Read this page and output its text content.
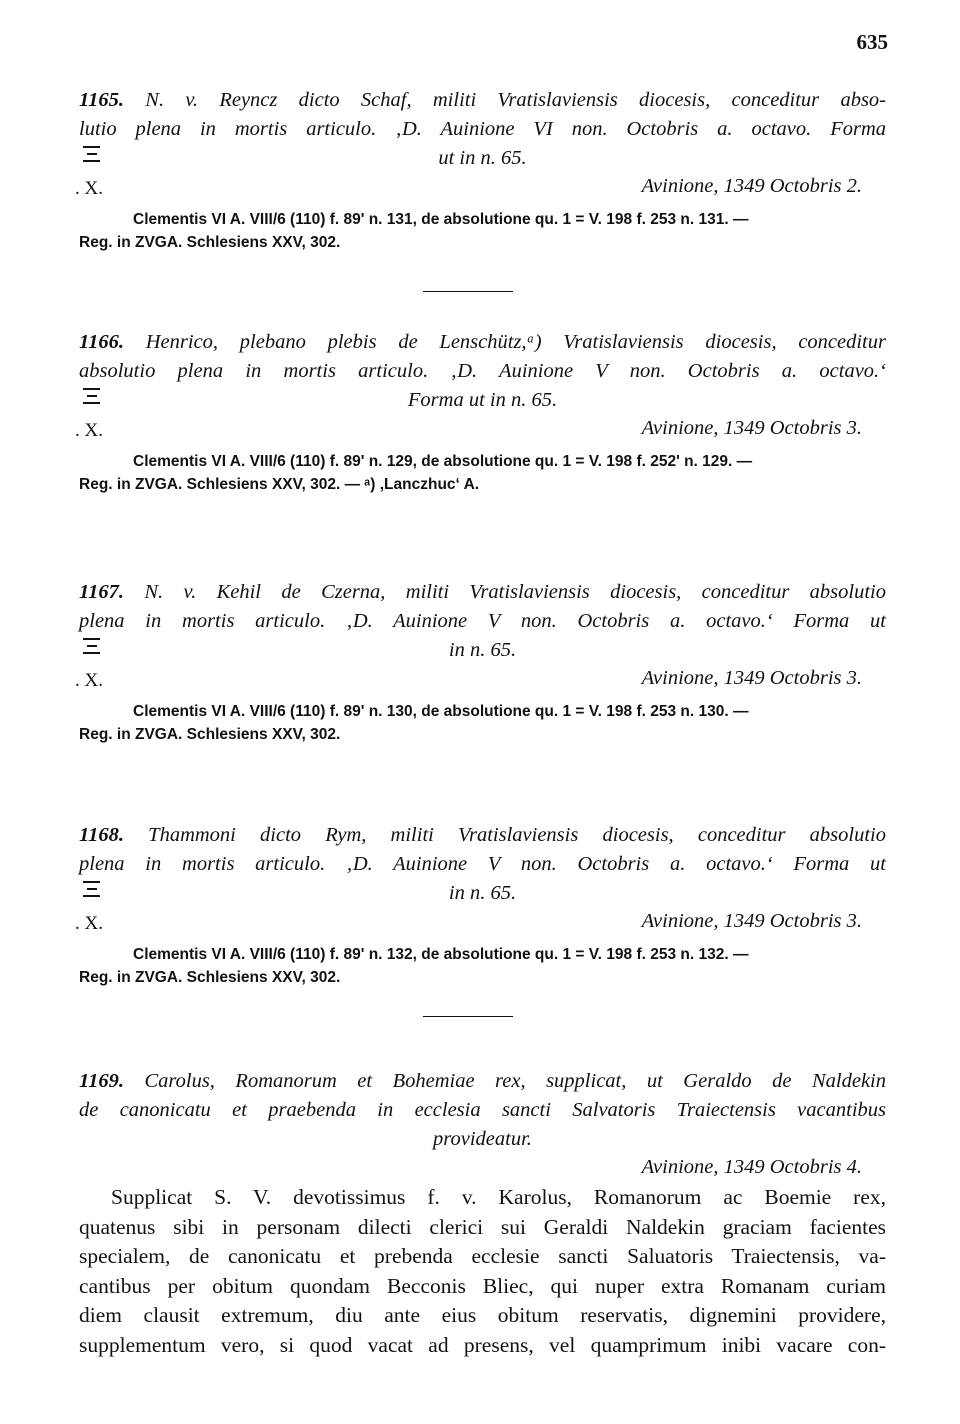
635

1165. N. v. Reyncz dicto Schaf, militi Vratislaviensis diocesis, conceditur abso-
lutio plena in mortis articulo. ‚D. Auinione VI non. Octobris a. octavo. Forma

. X.
ut in n. 65.
Avinione, 1349 Octobris 2.

Clementis VI A. VIII/6 (110) f. 89' n. 131, de absolutione qu. 1 = V. 198 f. 253 n. 131. —
Reg. in ZVGA. Schlesiens XXV, 302.

1166. Henrico, plebano plebis de Lenschütz,ᵃ) Vratislaviensis diocesis, conceditur
absolutio plena in mortis articulo. ‚D. Auinione V non. Octobris a. octavo.‘

. X.
Forma ut in n. 65.
Avinione, 1349 Octobris 3.

Clementis VI A. VIII/6 (110) f. 89' n. 129, de absolutione qu. 1 = V. 198 f. 252' n. 129. —
Reg. in ZVGA. Schlesiens XXV, 302. — ᵃ) ‚Lanczhuc‘ A.

1167. N. v. Kehil de Czerna, militi Vratislaviensis diocesis, conceditur absolutio
plena in mortis articulo. ‚D. Auinione V non. Octobris a. octavo.‘ Forma ut

. X.
in n. 65.
Avinione, 1349 Octobris 3.

Clementis VI A. VIII/6 (110) f. 89' n. 130, de absolutione qu. 1 = V. 198 f. 253 n. 130. —
Reg. in ZVGA. Schlesiens XXV, 302.

1168. Thammoni dicto Rym, militi Vratislaviensis diocesis, conceditur absolutio
plena in mortis articulo. ‚D. Auinione V non. Octobris a. octavo.‘ Forma ut

. X.
in n. 65.
Avinione, 1349 Octobris 3.

Clementis VI A. VIII/6 (110) f. 89' n. 132, de absolutione qu. 1 = V. 198 f. 253 n. 132. —
Reg. in ZVGA. Schlesiens XXV, 302.

1169. Carolus, Romanorum et Bohemiae rex, supplicat, ut Geraldo de Naldekin
de canonicatu et praebenda in ecclesia sancti Salvatoris Traiectensis vacantibus

provideatur.
Avinione, 1349 Octobris 4.

Supplicat S. V. devotissimus f. v. Karolus, Romanorum ac Boemie rex,
quatenus sibi in personam dilecti clerici sui Geraldi Naldekin graciam facientes
specialem, de canonicatu et prebenda ecclesie sancti Saluatoris Traiectensis, va-
cantibus per obitum quondam Becconis Bliec, qui nuper extra Romanam curiam
diem clausit extremum, diu ante eius obitum reservatis, dignemini providere,
supplementum vero, si quod vacat ad presens, vel quamprimum inibi vacare con-
